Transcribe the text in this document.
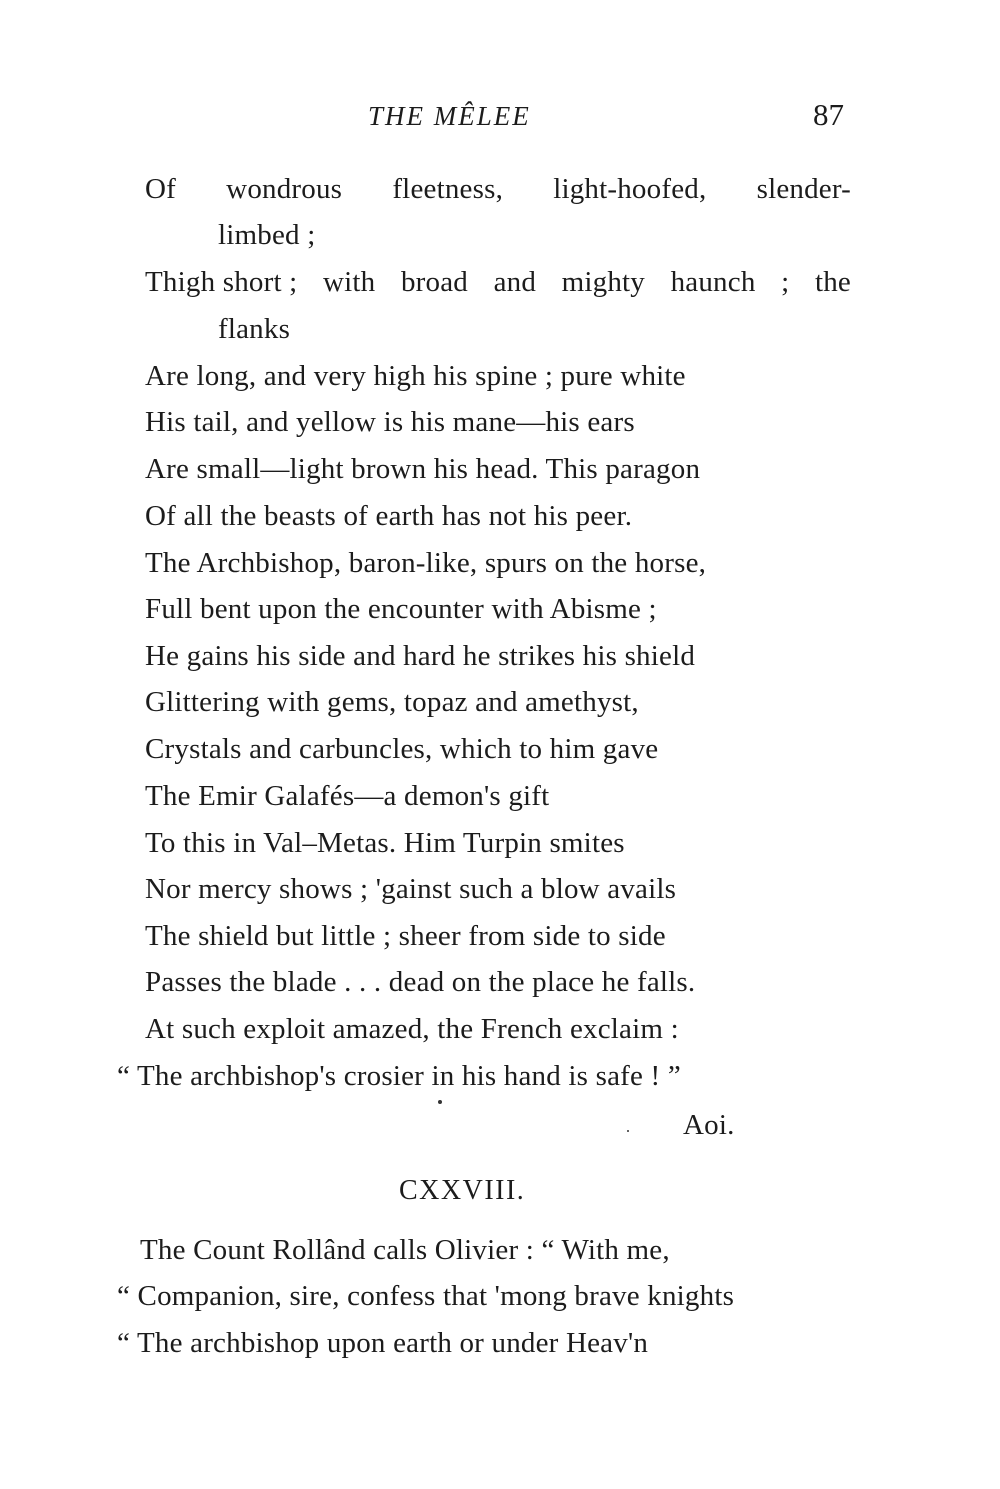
THE MÊLEE	87
Of wondrous fleetness, light-hoofed, slender-
limbed ;
Thigh short ; with broad and mighty haunch ; the
flanks
Are long, and very high his spine ; pure white
His tail, and yellow is his mane—his ears
Are small—light brown his head. This paragon
Of all the beasts of earth has not his peer.
The Archbishop, baron-like, spurs on the horse,
Full bent upon the encounter with Abisme ;
He gains his side and hard he strikes his shield
Glittering with gems, topaz and amethyst,
Crystals and carbuncles, which to him gave
The Emir Galafés—a demon's gift
To this in Val–Metas. Him Turpin smites
Nor mercy shows ; 'gainst such a blow avails
The shield but little ; sheer from side to side
Passes the blade . . . dead on the place he falls.
At such exploit amazed, the French exclaim :
“ The archbishop's crosier in his hand is safe ! ”
Aoi.
CXXVIII.
The Count Rollând calls Olivier : “ With me,
“ Companion, sire, confess that 'mong brave knights
“ The archbishop upon earth or under Heav'n
